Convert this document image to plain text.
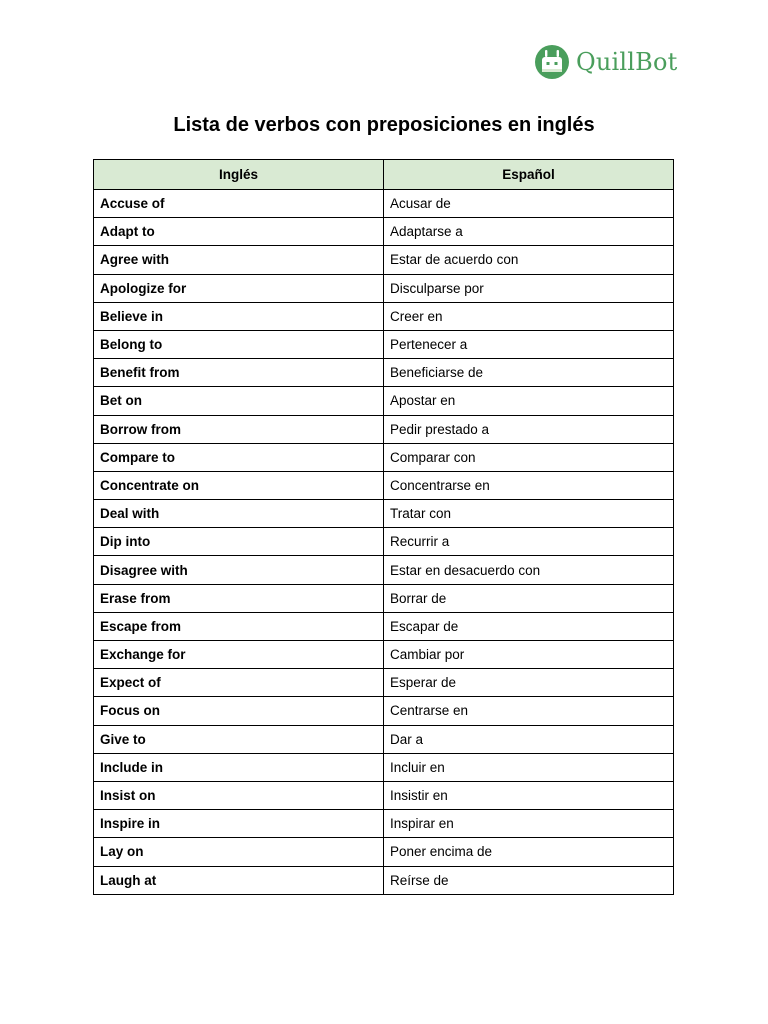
QuillBot
Lista de verbos con preposiciones en inglés
Inglés	Español
Accuse of	Acusar de
Adapt to	Adaptarse a
Agree with	Estar de acuerdo con
Apologize for	Disculparse por
Believe in	Creer en
Belong to	Pertenecer a
Benefit from	Beneficiarse de
Bet on	Apostar en
Borrow from	Pedir prestado a
Compare to	Comparar con
Concentrate on	Concentrarse en
Deal with	Tratar con
Dip into	Recurrir a
Disagree with	Estar en desacuerdo con
Erase from	Borrar de
Escape from	Escapar de
Exchange for	Cambiar por
Expect of	Esperar de
Focus on	Centrarse en
Give to	Dar a
Include in	Incluir en
Insist on	Insistir en
Inspire in	Inspirar en
Lay on	Poner encima de
Laugh at	Reírse de
